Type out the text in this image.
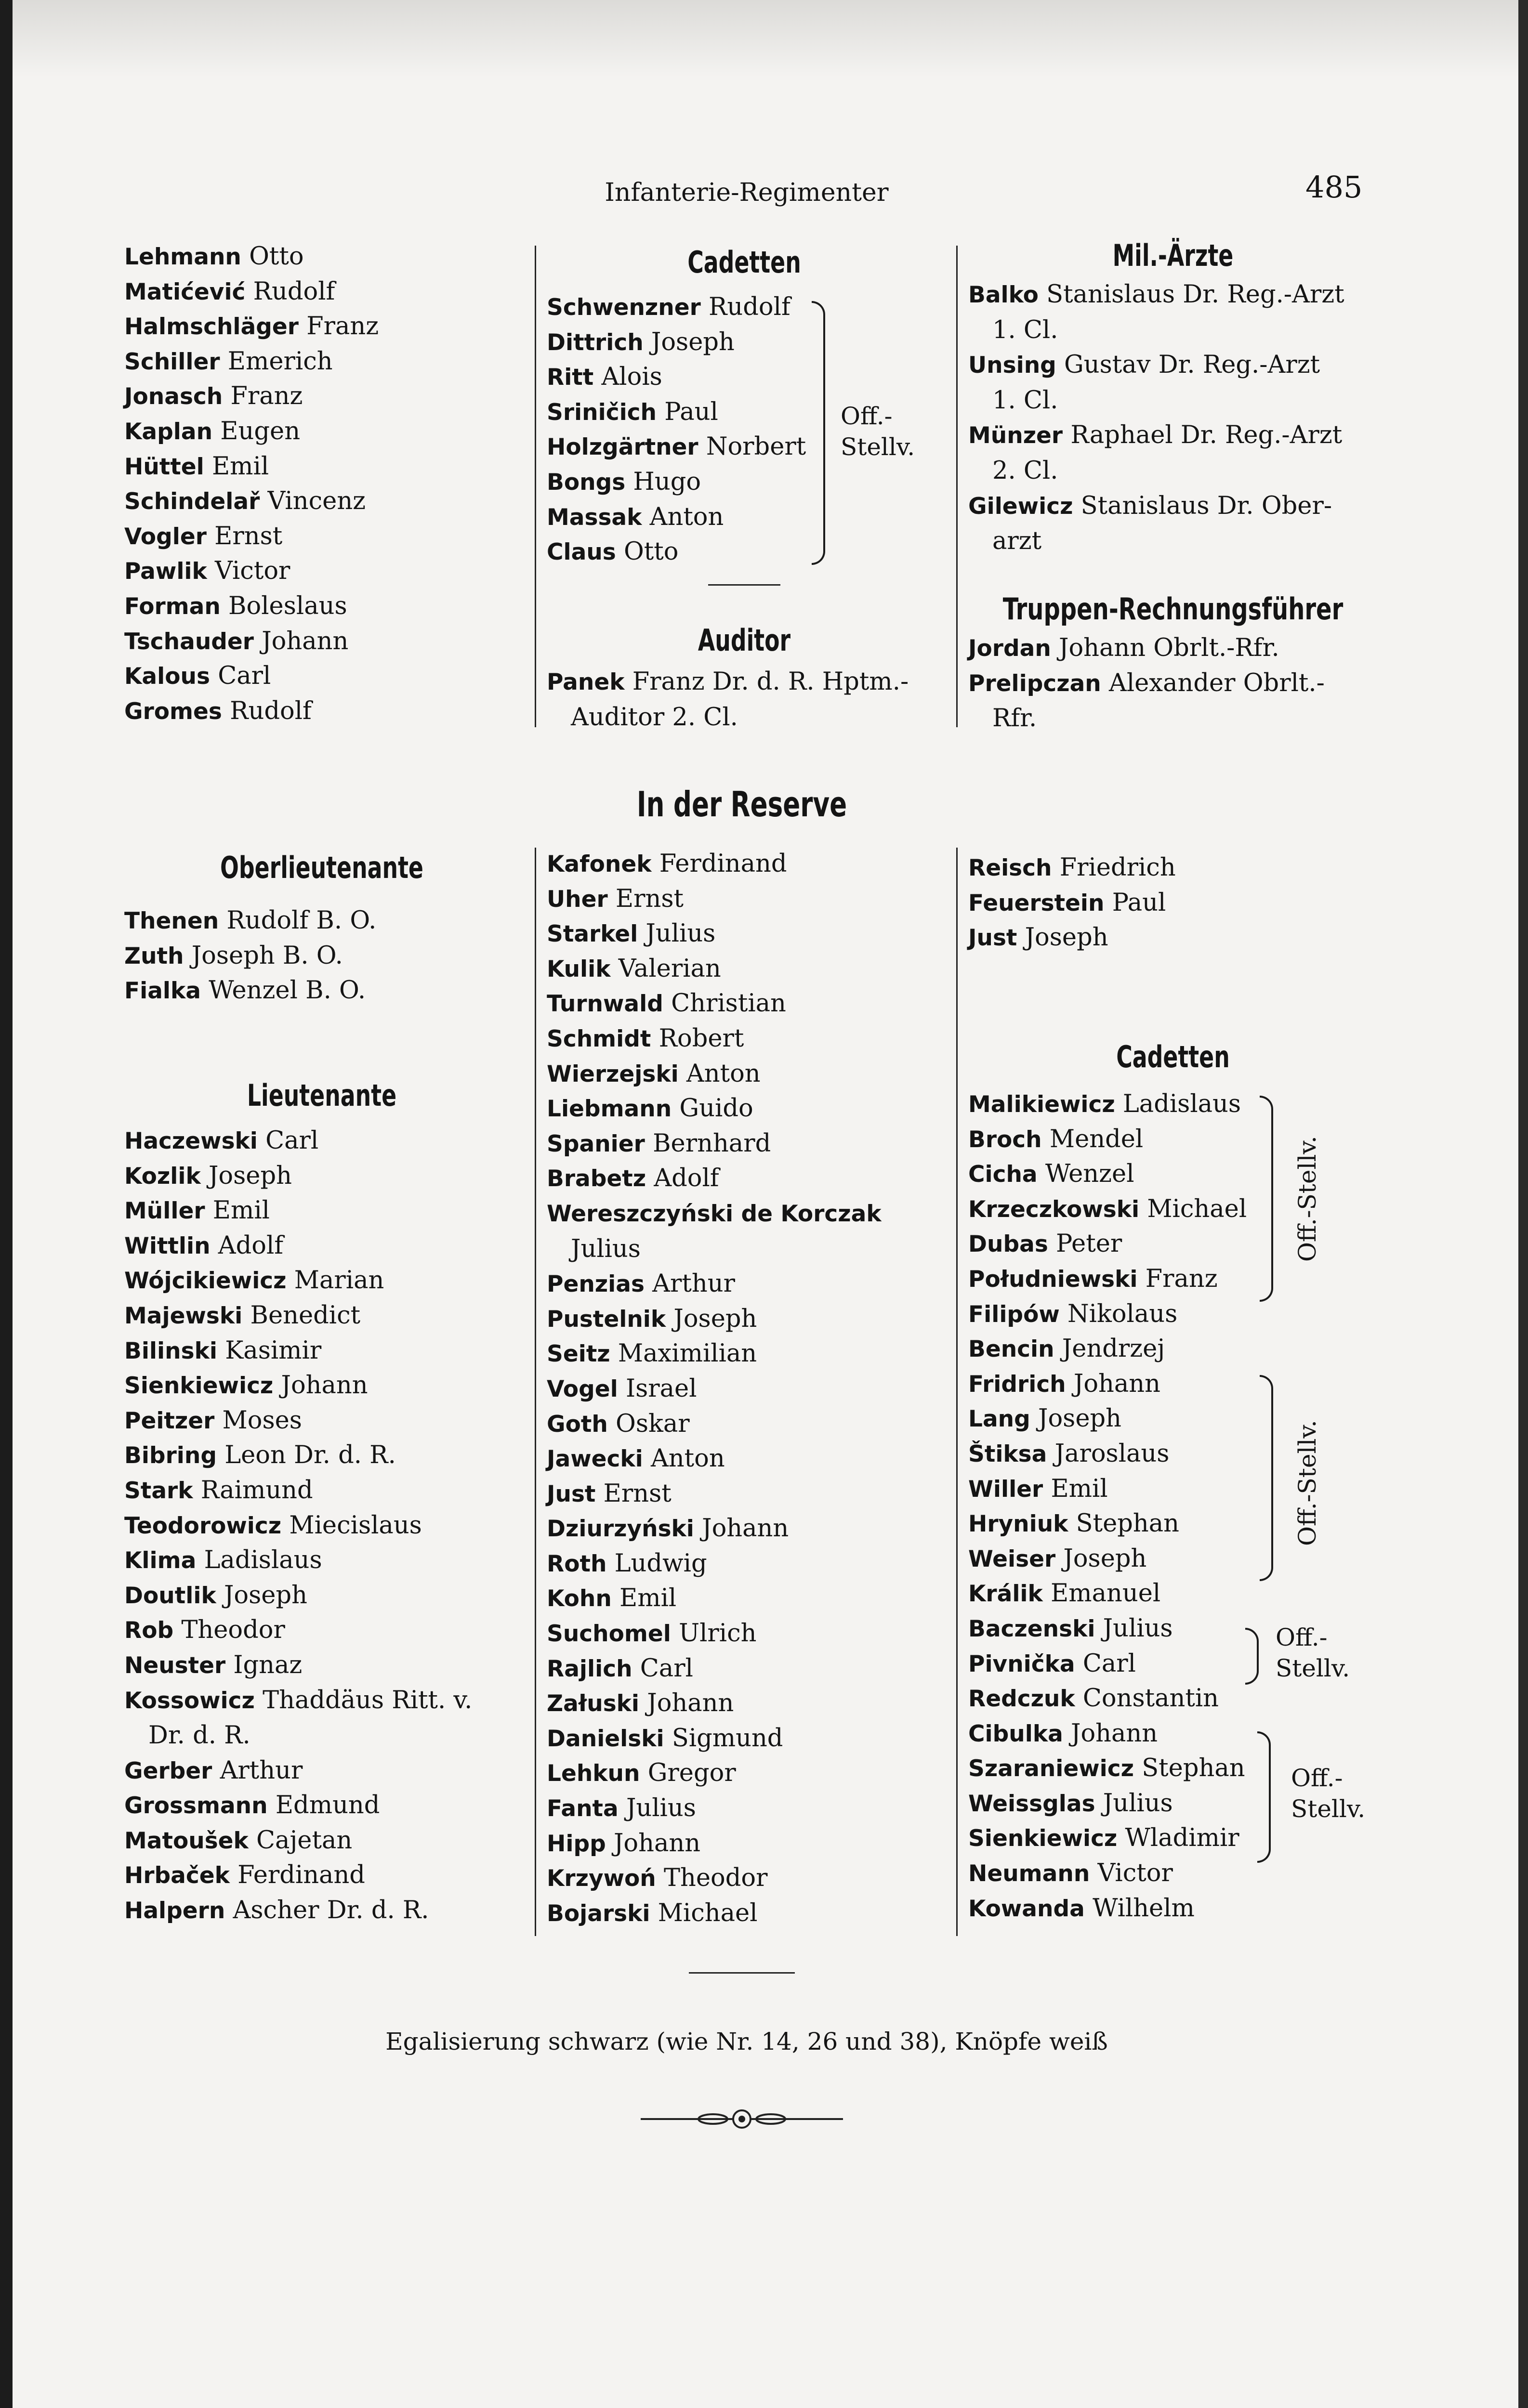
Infanterie-Regimenter	485
Lehmann Otto
Matićević Rudolf
Halmschläger Franz
Schiller Emerich
Jonasch Franz
Kaplan Eugen
Hüttel Emil
Schindelař Vincenz
Vogler Ernst
Pawlik Victor
Forman Boleslaus
Tschauder Johann
Kalous Carl
Gromes Rudolf
Cadetten
Schwenzner Rudolf
Dittrich Joseph
Ritt Alois
Sriničich Paul
Holzgärtner Norbert
Bongs Hugo
Massak Anton
Claus Otto
Off.-
Stellv.
Auditor
Panek Franz Dr. d. R. Hptm.-
Auditor 2. Cl.
Mil.-Ärzte
Balko Stanislaus Dr. Reg.-Arzt
1. Cl.
Unsing Gustav Dr. Reg.-Arzt
1. Cl.
Münzer Raphael Dr. Reg.-Arzt
2. Cl.
Gilewicz Stanislaus Dr. Ober-
arzt
Truppen-Rechnungsführer
Jordan Johann Obrlt.-Rfr.
Prelipczan Alexander Obrlt.-
Rfr.
In der Reserve
Oberlieutenante
Thenen Rudolf B. O.
Zuth Joseph B. O.
Fialka Wenzel B. O.
Lieutenante
Haczewski Carl
Kozlik Joseph
Müller Emil
Wittlin Adolf
Wójcikiewicz Marian
Majewski Benedict
Bilinski Kasimir
Sienkiewicz Johann
Peitzer Moses
Bibring Leon Dr. d. R.
Stark Raimund
Teodorowicz Miecislaus
Klima Ladislaus
Doutlik Joseph
Rob Theodor
Neuster Ignaz
Kossowicz Thaddäus Ritt. v.
Dr. d. R.
Gerber Arthur
Grossmann Edmund
Matoušek Cajetan
Hrbaček Ferdinand
Halpern Ascher Dr. d. R.
Kafonek Ferdinand
Uher Ernst
Starkel Julius
Kulik Valerian
Turnwald Christian
Schmidt Robert
Wierzejski Anton
Liebmann Guido
Spanier Bernhard
Brabetz Adolf
Wereszczyński de Korczak
Julius
Penzias Arthur
Pustelnik Joseph
Seitz Maximilian
Vogel Israel
Goth Oskar
Jawecki Anton
Just Ernst
Dziurzyński Johann
Roth Ludwig
Kohn Emil
Suchomel Ulrich
Rajlich Carl
Załuski Johann
Danielski Sigmund
Lehkun Gregor
Fanta Julius
Hipp Johann
Krzywoń Theodor
Bojarski Michael
Reisch Friedrich
Feuerstein Paul
Just Joseph
Cadetten
Malikiewicz Ladislaus
Broch Mendel
Cicha Wenzel
Krzeczkowski Michael
Dubas Peter
Południewski Franz
Filipów Nikolaus
Bencin Jendrzej
Fridrich Johann
Lang Joseph
Štiksa Jaroslaus
Willer Emil
Hryniuk Stephan
Weiser Joseph
Králik Emanuel
Baczenski Julius
Pivnička Carl
Redczuk Constantin
Cibulka Johann
Szaraniewicz Stephan
Weissglas Julius
Sienkiewicz Wladimir
Neumann Victor
Kowanda Wilhelm
Off.-Stellv.
Off.-Stellv.
Off.-
Stellv.
Off.-
Stellv.
Egalisierung schwarz (wie Nr. 14, 26 und 38), Knöpfe weiß
